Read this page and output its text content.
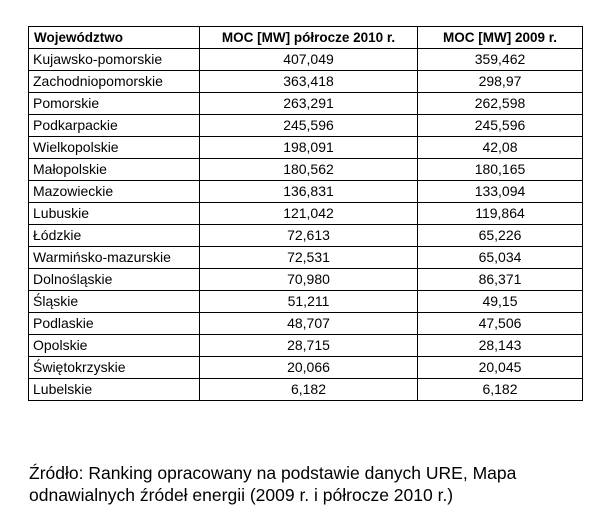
Województwo	MOC [MW] półrocze 2010 r.	MOC [MW] 2009 r.
Kujawsko-pomorskie	407,049	359,462
Zachodniopomorskie	363,418	298,97
Pomorskie	263,291	262,598
Podkarpackie	245,596	245,596
Wielkopolskie	198,091	42,08
Małopolskie	180,562	180,165
Mazowieckie	136,831	133,094
Lubuskie	121,042	119,864
Łódzkie	72,613	65,226
Warmińsko-mazurskie	72,531	65,034
Dolnośląskie	70,980	86,371
Śląskie	51,211	49,15
Podlaskie	48,707	47,506
Opolskie	28,715	28,143
Świętokrzyskie	20,066	20,045
Lubelskie	6,182	6,182
Źródło: Ranking opracowany na podstawie danych URE, Mapa
odnawialnych źródeł energii (2009 r. i półrocze 2010 r.)
